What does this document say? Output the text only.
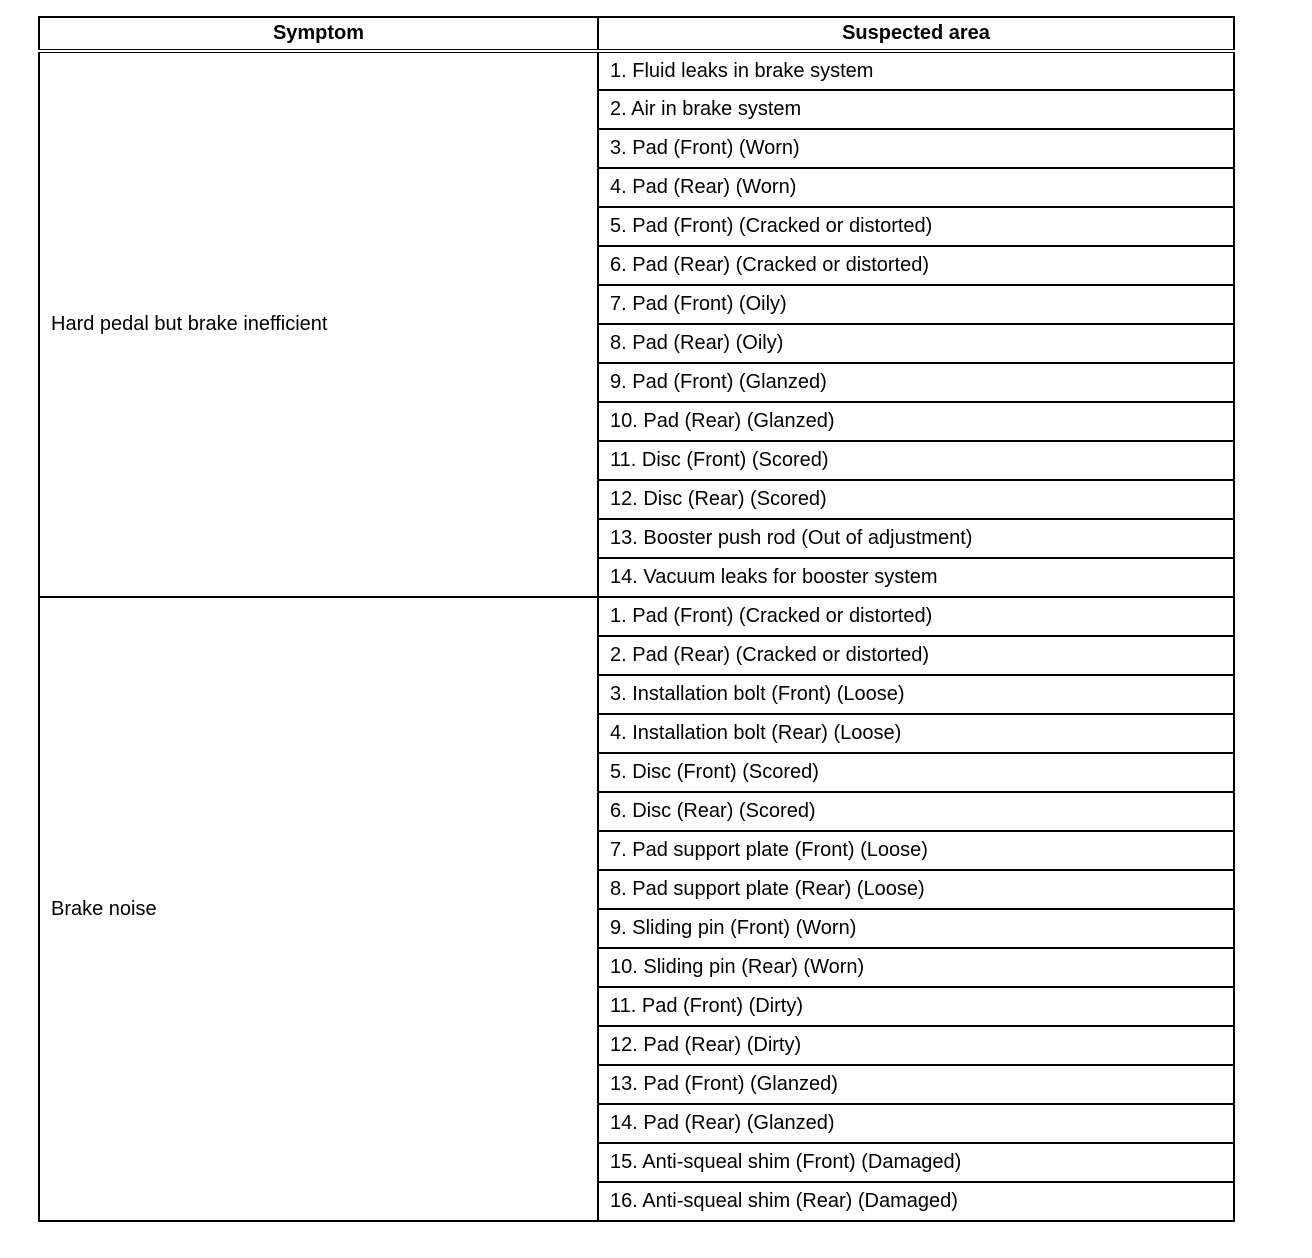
Symptom	Suspected area
Hard pedal but brake inefficient	1. Fluid leaks in brake system
	2. Air in brake system
	3. Pad (Front) (Worn)
	4. Pad (Rear) (Worn)
	5. Pad (Front) (Cracked or distorted)
	6. Pad (Rear) (Cracked or distorted)
	7. Pad (Front) (Oily)
	8. Pad (Rear) (Oily)
	9. Pad (Front) (Glanzed)
	10. Pad (Rear) (Glanzed)
	11. Disc (Front) (Scored)
	12. Disc (Rear) (Scored)
	13. Booster push rod (Out of adjustment)
	14. Vacuum leaks for booster system
Brake noise	1. Pad (Front) (Cracked or distorted)
	2. Pad (Rear) (Cracked or distorted)
	3. Installation bolt (Front) (Loose)
	4. Installation bolt (Rear) (Loose)
	5. Disc (Front) (Scored)
	6. Disc (Rear) (Scored)
	7. Pad support plate (Front) (Loose)
	8. Pad support plate (Rear) (Loose)
	9. Sliding pin (Front) (Worn)
	10. Sliding pin (Rear) (Worn)
	11. Pad (Front) (Dirty)
	12. Pad (Rear) (Dirty)
	13. Pad (Front) (Glanzed)
	14. Pad (Rear) (Glanzed)
	15. Anti-squeal shim (Front) (Damaged)
	16. Anti-squeal shim (Rear) (Damaged)
